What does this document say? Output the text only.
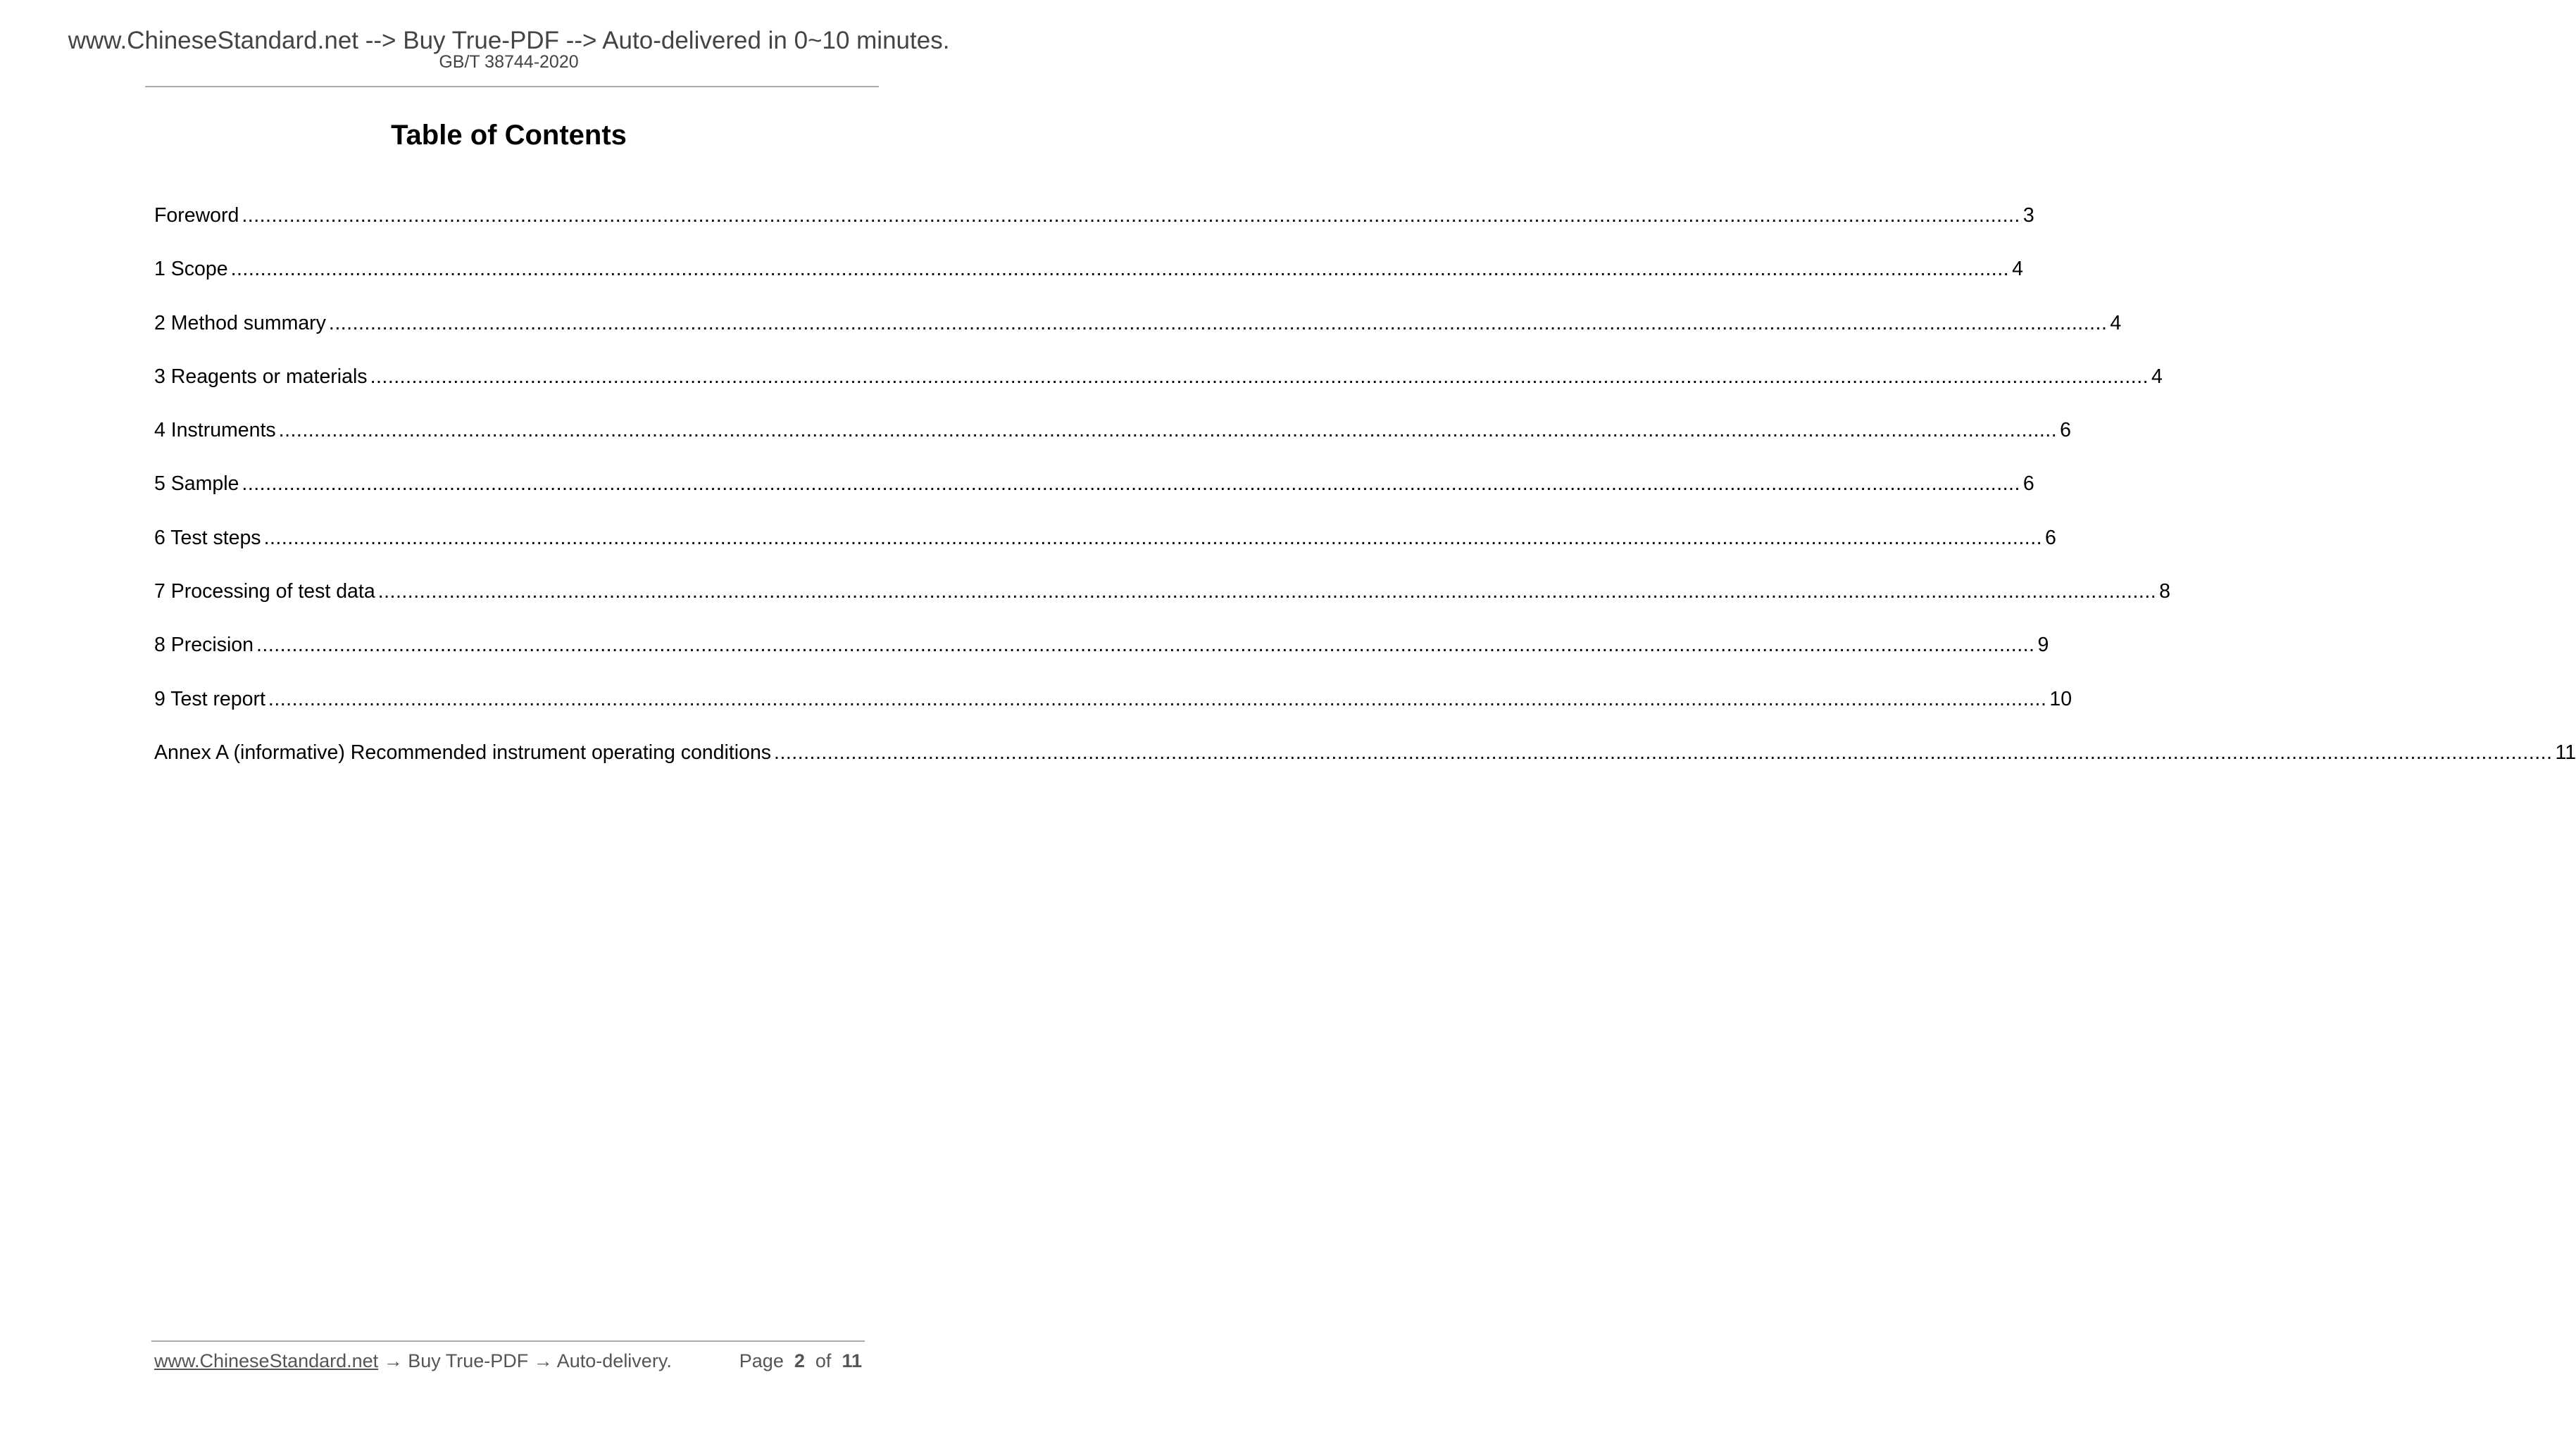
www.ChineseStandard.net --> Buy True-PDF --> Auto-delivered in 0~10 minutes.
GB/T 38744-2020
Table of Contents
Foreword ............................................................................................................................................................................................................................................................................................................ 3
1 Scope ............................................................................................................................................................................................................................................................................................................ 4
2 Method summary ............................................................................................................................................................................................................................................................................................................ 4
3 Reagents or materials ............................................................................................................................................................................................................................................................................................................ 4
4 Instruments ............................................................................................................................................................................................................................................................................................................ 6
5 Sample ............................................................................................................................................................................................................................................................................................................ 6
6 Test steps ............................................................................................................................................................................................................................................................................................................ 6
7 Processing of test data ............................................................................................................................................................................................................................................................................................................ 8
8 Precision ............................................................................................................................................................................................................................................................................................................ 9
9 Test report ............................................................................................................................................................................................................................................................................................................ 10
Annex A (informative) Recommended instrument operating conditions ............................................................................................................................................................................................................................................................................................................ 11
www.ChineseStandard.net → Buy True-PDF → Auto-delivery.	Page 2 of 11
